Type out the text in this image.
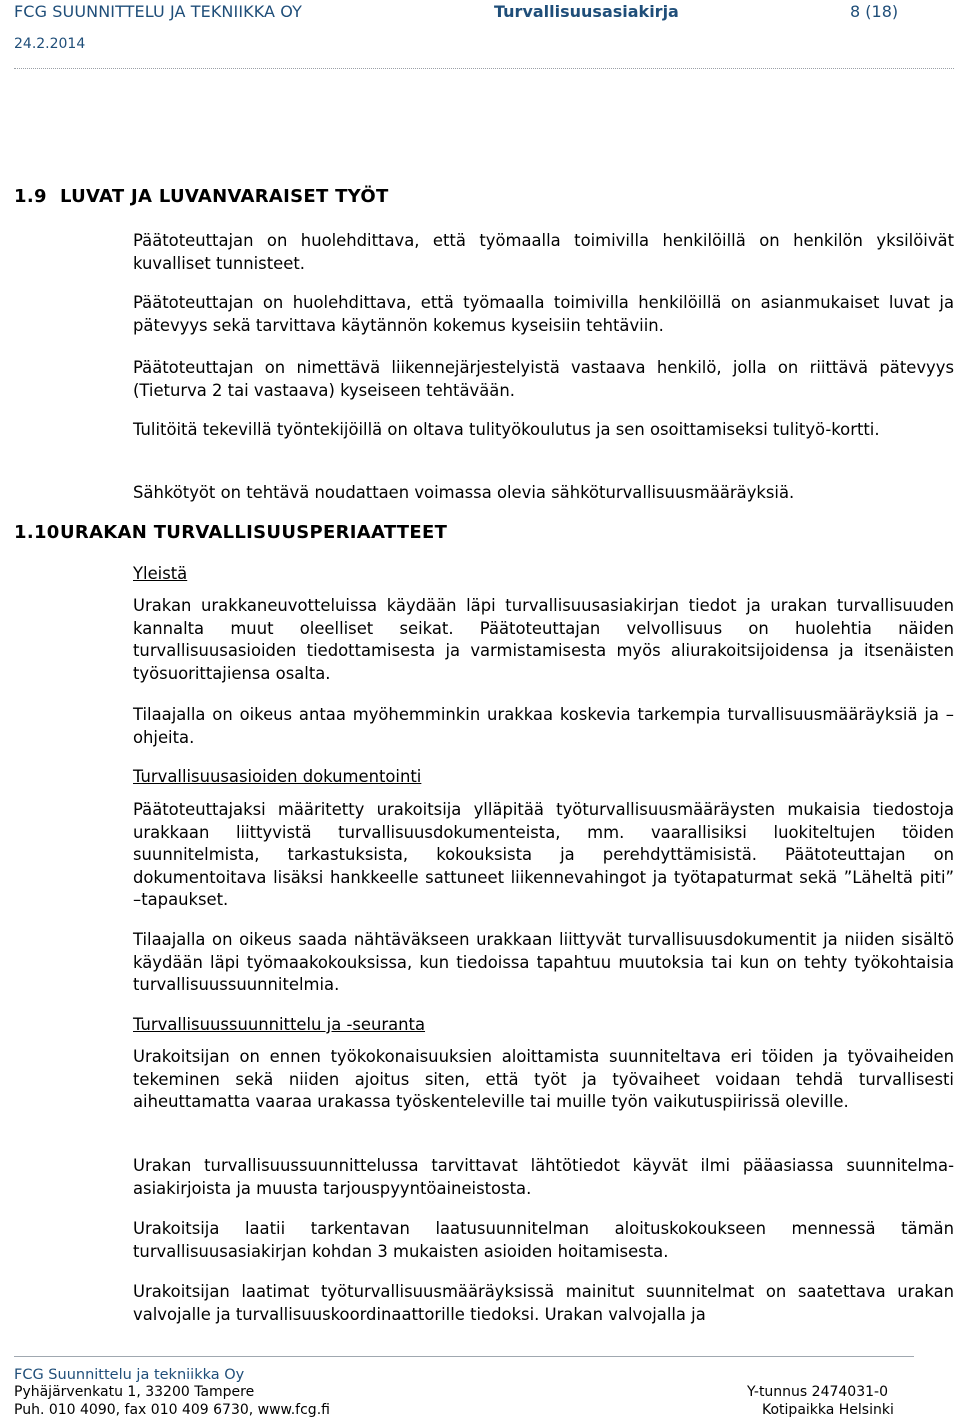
FCG SUUNNITTELU JA TEKNIIKKA OY	Turvallisuusasiakirja	8 (18)
24.2.2014
1.9 LUVAT JA LUVANVARAISET TYÖT
Päätoteuttajan on huolehdittava, että työmaalla toimivilla henkilöillä on henkilön yksilöivät kuvalliset tunnisteet.
Päätoteuttajan on huolehdittava, että työmaalla toimivilla henkilöillä on asianmukaiset luvat ja pätevyys sekä tarvittava käytännön kokemus kyseisiin tehtäviin.
Päätoteuttajan on nimettävä liikennejärjestelyistä vastaava henkilö, jolla on riittävä pätevyys (Tieturva 2 tai vastaava) kyseiseen tehtävään.
Tulitöitä tekevillä työntekijöillä on oltava tulityökoulutus ja sen osoittamiseksi tulityö-kortti.
Sähkötyöt on tehtävä noudattaen voimassa olevia sähköturvallisuusmääräyksiä.
1.10URAKAN TURVALLISUUSPERIAATTEET
Yleistä
Urakan urakkaneuvotteluissa käydään läpi turvallisuusasiakirjan tiedot ja urakan turvallisuuden kannalta muut oleelliset seikat. Päätoteuttajan velvollisuus on huolehtia näiden turvallisuusasioiden tiedottamisesta ja varmistamisesta myös aliurakoitsijoidensa ja itsenäisten työsuorittajiensa osalta.
Tilaajalla on oikeus antaa myöhemminkin urakkaa koskevia tarkempia turvallisuusmääräyksiä ja –ohjeita.
Turvallisuusasioiden dokumentointi
Päätoteuttajaksi määritetty urakoitsija ylläpitää työturvallisuusmääräysten mukaisia tiedostoja urakkaan liittyvistä turvallisuusdokumenteista, mm. vaarallisiksi luokiteltujen töiden suunnitelmista, tarkastuksista, kokouksista ja perehdyttämisistä. Päätoteuttajan on dokumentoitava lisäksi hankkeelle sattuneet liikennevahingot ja työtapaturmat sekä ”Läheltä piti” –tapaukset.
Tilaajalla on oikeus saada nähtäväkseen urakkaan liittyvät turvallisuusdokumentit ja niiden sisältö käydään läpi työmaakokouksissa, kun tiedoissa tapahtuu muutoksia tai kun on tehty työkohtaisia turvallisuussuunnitelmia.
Turvallisuussuunnittelu ja -seuranta
Urakoitsijan on ennen työkokonaisuuksien aloittamista suunniteltava eri töiden ja työvaiheiden tekeminen sekä niiden ajoitus siten, että työt ja työvaiheet voidaan tehdä turvallisesti aiheuttamatta vaaraa urakassa työskenteleville tai muille työn vaikutuspiirissä oleville.
Urakan turvallisuussuunnittelussa tarvittavat lähtötiedot käyvät ilmi pääasiassa suunnitelma-asiakirjoista ja muusta tarjouspyyntöaineistosta.
Urakoitsija laatii tarkentavan laatusuunnitelman aloituskokoukseen mennessä tämän turvallisuusasiakirjan kohdan 3 mukaisten asioiden hoitamisesta.
Urakoitsijan laatimat työturvallisuusmääräyksissä mainitut suunnitelmat on saatettava urakan valvojalle ja turvallisuuskoordinaattorille tiedoksi. Urakan valvojalla ja
FCG Suunnittelu ja tekniikka Oy
Pyhäjärvenkatu 1, 33200 Tampere
Puh. 010 4090, fax 010 409 6730, www.fcg.fi
Y-tunnus 2474031-0
Kotipaikka Helsinki
